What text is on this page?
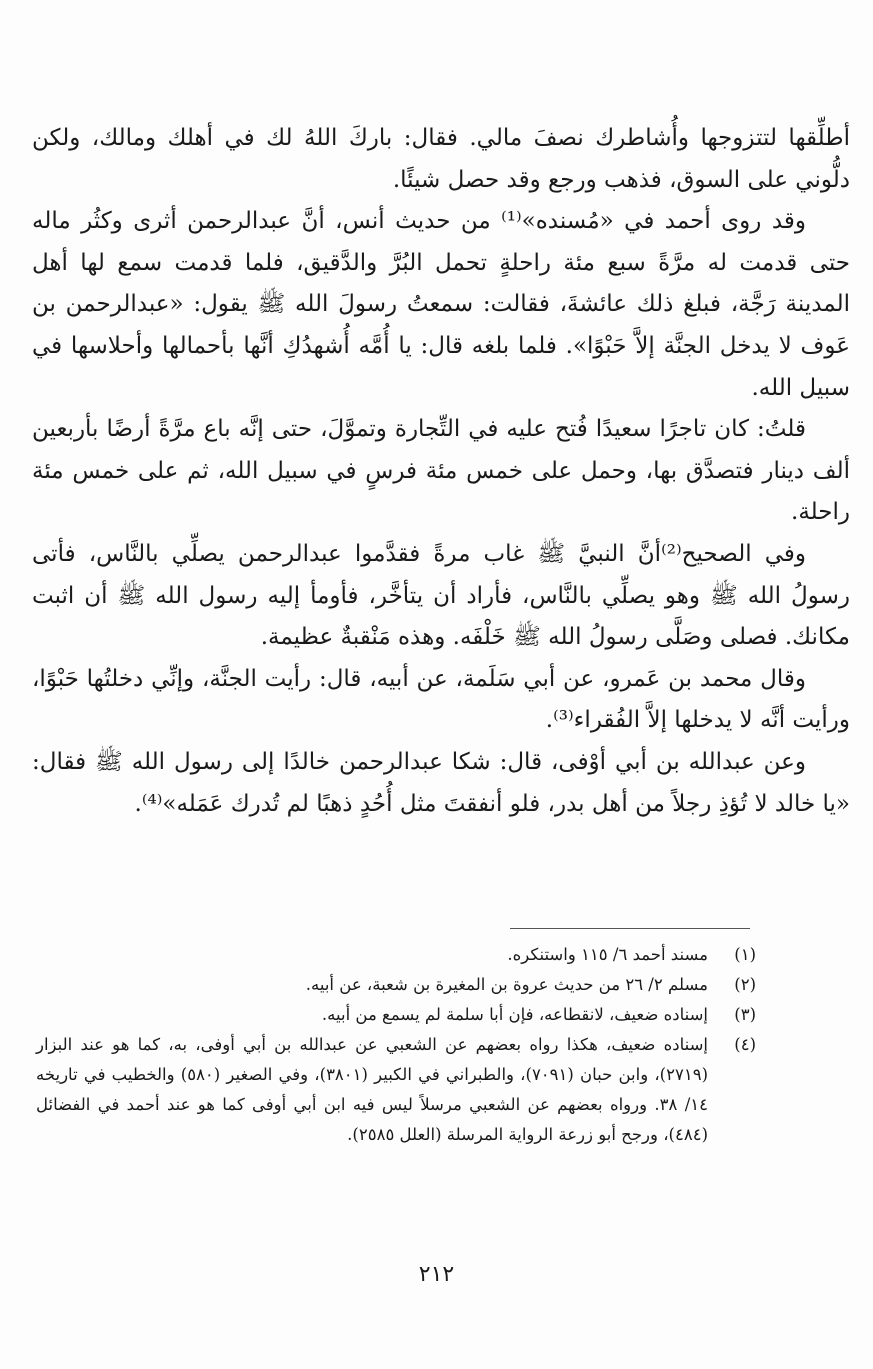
أطلِّقها لتتزوجها وأُشاطرك نصفَ مالي. فقال: باركَ اللهُ لك في أهلك ومالك، ولكن دلُّوني على السوق، فذهب ورجع وقد حصل شيئًا.

وقد روى أحمد في «مُسنده»⁽¹⁾ من حديث أنس، أنَّ عبدالرحمن أثرى وكثُر ماله حتى قدمت له مرَّةً سبع مئة راحلةٍ تحمل البُرَّ والدَّقيق، فلما قدمت سمع لها أهل المدينة رَجَّة، فبلغ ذلك عائشةَ، فقالت: سمعتُ رسولَ الله ﷺ يقول: «عبدالرحمن بن عَوف لا يدخل الجنَّة إلاَّ حَبْوًا». فلما بلغه قال: يا أُمَّه أُشهدُكِ أنَّها بأحمالها وأحلاسها في سبيل الله.

قلتُ: كان تاجرًا سعيدًا فُتح عليه في التِّجارة وتموَّلَ، حتى إنَّه باع مرَّةً أرضًا بأربعين ألف دينار فتصدَّق بها، وحمل على خمس مئة فرسٍ في سبيل الله، ثم على خمس مئة راحلة.

وفي الصحيح⁽²⁾أنَّ النبيَّ ﷺ غاب مرةً فقدَّموا عبدالرحمن يصلِّي بالنَّاس، فأتى رسولُ الله ﷺ وهو يصلِّي بالنَّاس، فأراد أن يتأخَّر، فأومأ إليه رسول الله ﷺ أن اثبت مكانك. فصلى وصَلَّى رسولُ الله ﷺ خَلْفَه. وهذه مَنْقبةٌ عظيمة.

وقال محمد بن عَمرو، عن أبي سَلَمة، عن أبيه، قال: رأيت الجنَّة، وإنِّي دخلتُها حَبْوًا، ورأيت أنَّه لا يدخلها إلاَّ الفُقراء⁽³⁾.

وعن عبدالله بن أبي أوْفى، قال: شكا عبدالرحمن خالدًا إلى رسول الله ﷺ فقال: «يا خالد لا تُؤذِ رجلاً من أهل بدر، فلو أنفقتَ مثل أُحُدٍ ذهبًا لم تُدرك عَمَله»⁽⁴⁾.

(١)
مسند أحمد ٦/ ١١٥ واستنكره.
(٢)
مسلم ٢/ ٢٦ من حديث عروة بن المغيرة بن شعبة، عن أبيه.
(٣)
إسناده ضعيف، لانقطاعه، فإن أبا سلمة لم يسمع من أبيه.
(٤)
إسناده ضعيف، هكذا رواه بعضهم عن الشعبي عن عبدالله بن أبي أوفى، به، كما هو عند البزار (٢٧١٩)، وابن حبان (٧٠٩١)، والطبراني في الكبير (٣٨٠١)، وفي الصغير (٥٨٠) والخطيب في تاريخه ١٤/ ٣٨. ورواه بعضهم عن الشعبي مرسلاً ليس فيه ابن أبي أوفى كما هو عند أحمد في الفضائل (٤٨٤)، ورجح أبو زرعة الرواية المرسلة (العلل ٢٥٨٥).
٢١٢
